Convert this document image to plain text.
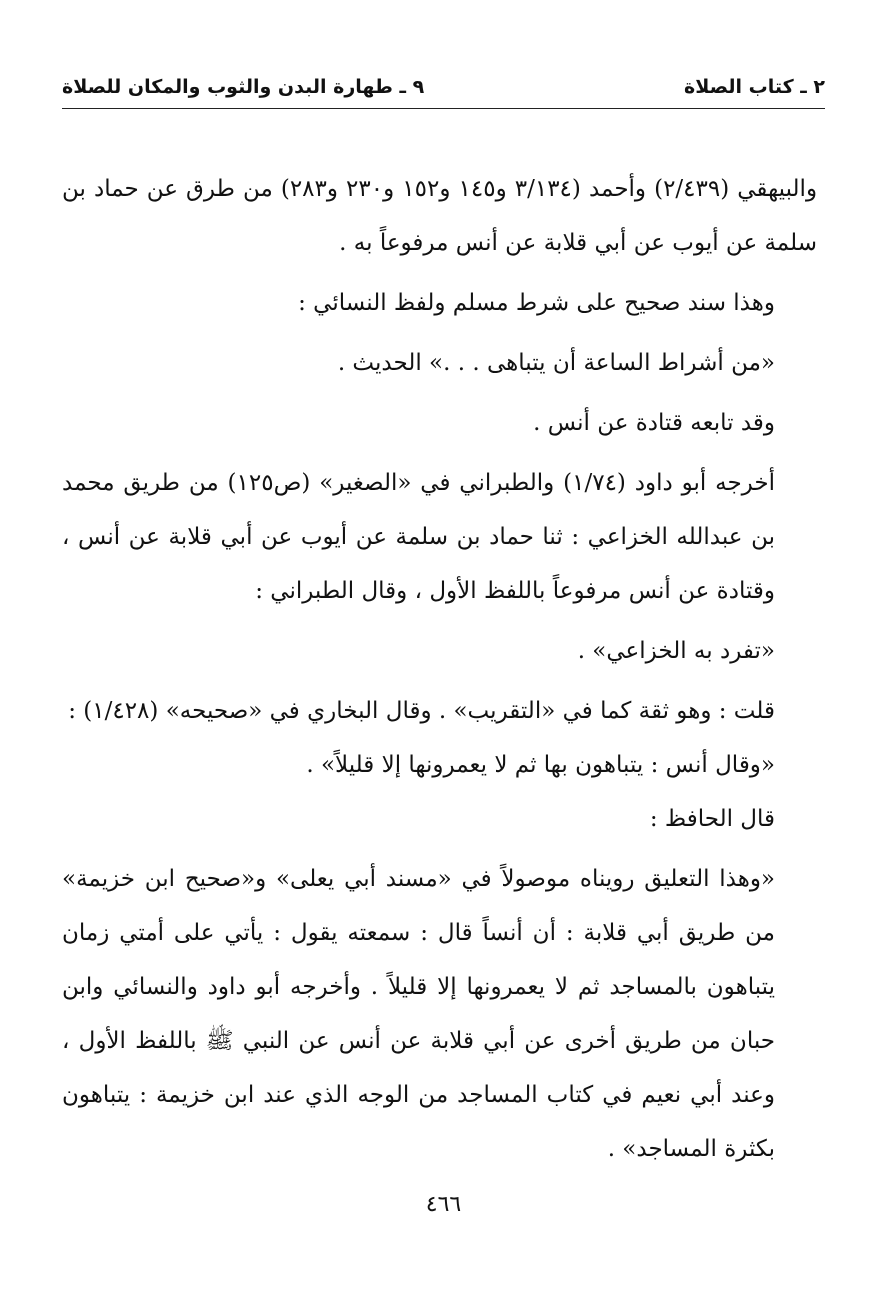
٢ ـ كتاب الصلاة
٩ ـ طهارة البدن والثوب والمكان للصلاة

والبيهقي (٢/٤٣٩) وأحمد (٣/١٣٤ و١٤٥ و١٥٢ و٢٣٠ و٢٨٣) من طرق عن حماد بن سلمة عن أيوب عن أبي قلابة عن أنس مرفوعاً به .

وهذا سند صحيح على شرط مسلم ولفظ النسائي :

«من أشراط الساعة أن يتباهى . . .» الحديث .

وقد تابعه قتادة عن أنس .

أخرجه أبو داود (١/٧٤) والطبراني في «الصغير» (ص١٢٥) من طريق محمد بن عبدالله الخزاعي : ثنا حماد بن سلمة عن أيوب عن أبي قلابة عن أنس ، وقتادة عن أنس مرفوعاً باللفظ الأول ، وقال الطبراني :

«تفرد به الخزاعي» .

قلت : وهو ثقة كما في «التقريب» . وقال البخاري في «صحيحه» (١/٤٢٨) :

«وقال أنس : يتباهون بها ثم لا يعمرونها إلا قليلاً» .

قال الحافظ :

«وهذا التعليق رويناه موصولاً في «مسند أبي يعلى» و«صحيح ابن خزيمة» من طريق أبي قلابة : أن أنساً قال : سمعته يقول : يأتي على أمتي زمان يتباهون بالمساجد ثم لا يعمرونها إلا قليلاً . وأخرجه أبو داود والنسائي وابن حبان من طريق أخرى عن أبي قلابة عن أنس عن النبي ﷺ باللفظ الأول ، وعند أبي نعيم في كتاب المساجد من الوجه الذي عند ابن خزيمة : يتباهون بكثرة المساجد» .

٤٦٦
